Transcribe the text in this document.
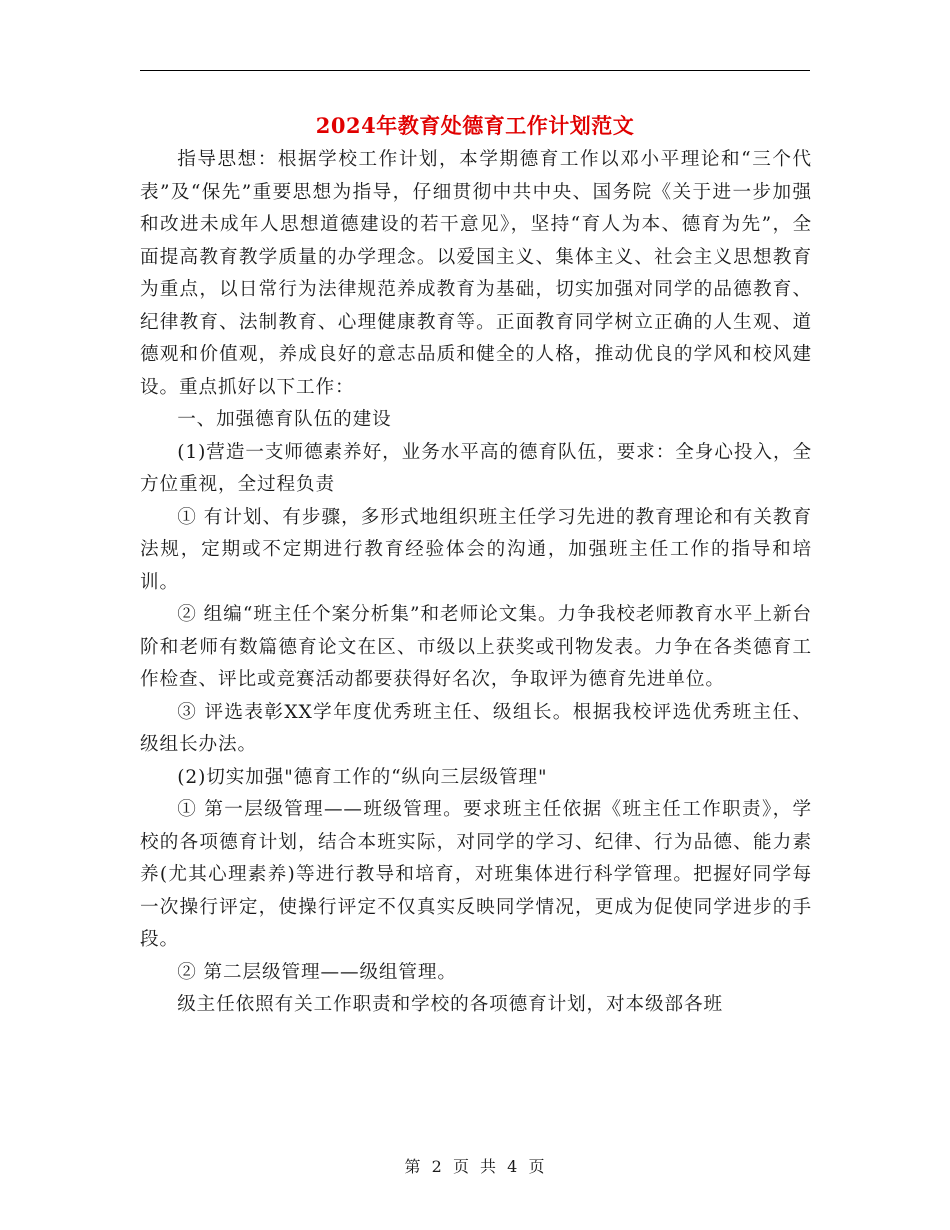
2024年教育处德育工作计划范文

指导思想：根据学校工作计划，本学期德育工作以邓小平理论和“三个代表”及“保先”重要思想为指导，仔细贯彻中共中央、国务院《关于进一步加强和改进未成年人思想道德建设的若干意见》，坚持“育人为本、德育为先”，全面提高教育教学质量的办学理念。以爱国主义、集体主义、社会主义思想教育为重点，以日常行为法律规范养成教育为基础，切实加强对同学的品德教育、纪律教育、法制教育、心理健康教育等。正面教育同学树立正确的人生观、道德观和价值观，养成良好的意志品质和健全的人格，推动优良的学风和校风建设。重点抓好以下工作：

一、加强德育队伍的建设

(1)营造一支师德素养好，业务水平高的德育队伍，要求：全身心投入，全方位重视，全过程负责

① 有计划、有步骤，多形式地组织班主任学习先进的教育理论和有关教育法规，定期或不定期进行教育经验体会的沟通，加强班主任工作的指导和培训。

② 组编“班主任个案分析集”和老师论文集。力争我校老师教育水平上新台阶和老师有数篇德育论文在区、市级以上获奖或刊物发表。力争在各类德育工作检查、评比或竞赛活动都要获得好名次，争取评为德育先进单位。

③ 评选表彰XX学年度优秀班主任、级组长。根据我校评选优秀班主任、级组长办法。

(2)切实加强"德育工作的“纵向三层级管理"

① 第一层级管理——班级管理。要求班主任依据《班主任工作职责》，学校的各项德育计划，结合本班实际，对同学的学习、纪律、行为品德、能力素养(尤其心理素养)等进行教导和培育，对班集体进行科学管理。把握好同学每一次操行评定，使操行评定不仅真实反映同学情况，更成为促使同学进步的手段。

② 第二层级管理——级组管理。

级主任依照有关工作职责和学校的各项德育计划，对本级部各班

第 2 页 共 4 页
